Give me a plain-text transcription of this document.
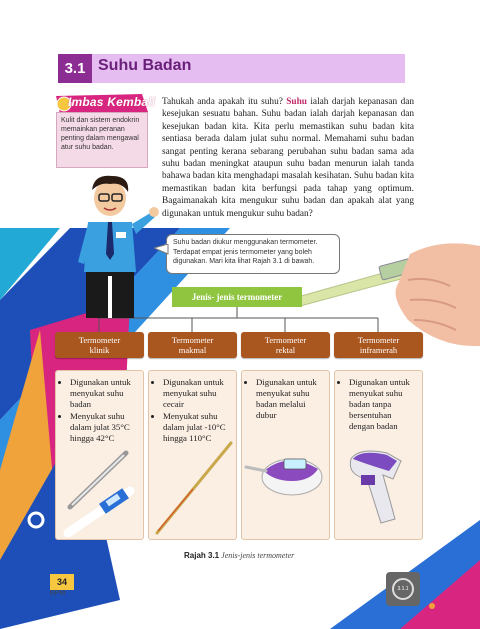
3.1 Suhu Badan
Imbas Kembali
Kulit dan sistem endokrin memainkan peranan penting dalam mengawal atur suhu badan.
Tahukah anda apakah itu suhu? Suhu ialah darjah kepanasan dan kesejukan sesuatu bahan. Suhu badan ialah darjah kepanasan dan kesejukan badan kita. Kita perlu memastikan suhu badan kita sentiasa berada dalam julat suhu normal. Memahami suhu badan sangat penting kerana sebarang perubahan suhu badan sama ada suhu badan meningkat ataupun suhu badan menurun ialah tanda bahawa badan kita menghadapi masalah kesihatan. Suhu badan kita memastikan badan kita berfungsi pada tahap yang optimum. Bagaimanakah kita mengukur suhu badan dan apakah alat yang digunakan untuk mengukur suhu badan?
Suhu badan diukur menggunakan termometer. Terdapat empat jenis termometer yang boleh digunakan. Mari kita lihat Rajah 3.1 di bawah.
Jenis- jenis termometer
Termometer
klinik
• Digunakan untuk menyukat suhu badan
• Menyukat suhu dalam julat 35°C hingga 42°C
Termometer
makmal
• Digunakan untuk menyukat suhu cecair
• Menyukat suhu dalam julat -10°C hingga 110°C
Termometer
rektal
• Digunakan untuk menyukat suhu badan melalui dubur
Termometer
inframerah
• Digunakan untuk menyukat suhu badan tanpa bersentuhan dengan badan
Rajah 3.1 Jenis-jenis termometer
34
KPM
3.1.1
